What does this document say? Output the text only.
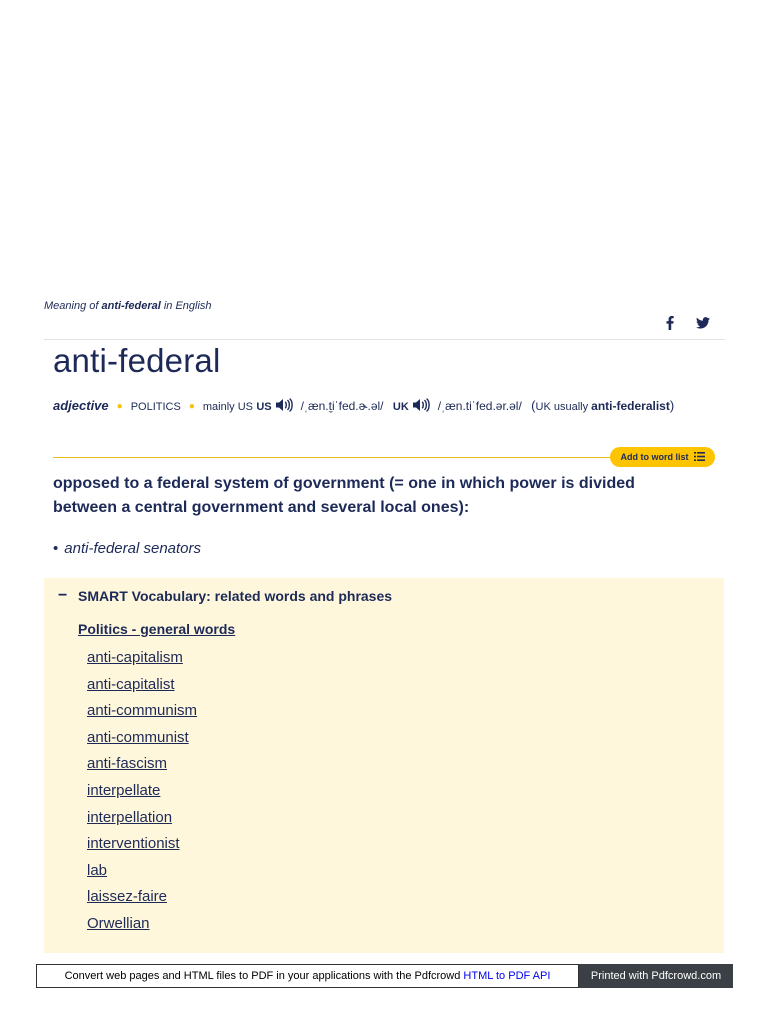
Meaning of anti-federal in English
anti-federal
adjective ● POLITICS ● mainly US US /ˌæn.t̬iˈfed.ɚ.əl/ UK /ˌæn.tiˈfed.ər.əl/ (UK usually anti-federalist)
Add to word list
opposed to a federal system of government (= one in which power is divided between a central government and several local ones):
• anti-federal senators
− SMART Vocabulary: related words and phrases
Politics - general words
anti-capitalism
anti-capitalist
anti-communism
anti-communist
anti-fascism
interpellate
interpellation
interventionist
lab
laissez-faire
Orwellian
Convert web pages and HTML files to PDF in your applications with the Pdfcrowd HTML to PDF API	Printed with Pdfcrowd.com
